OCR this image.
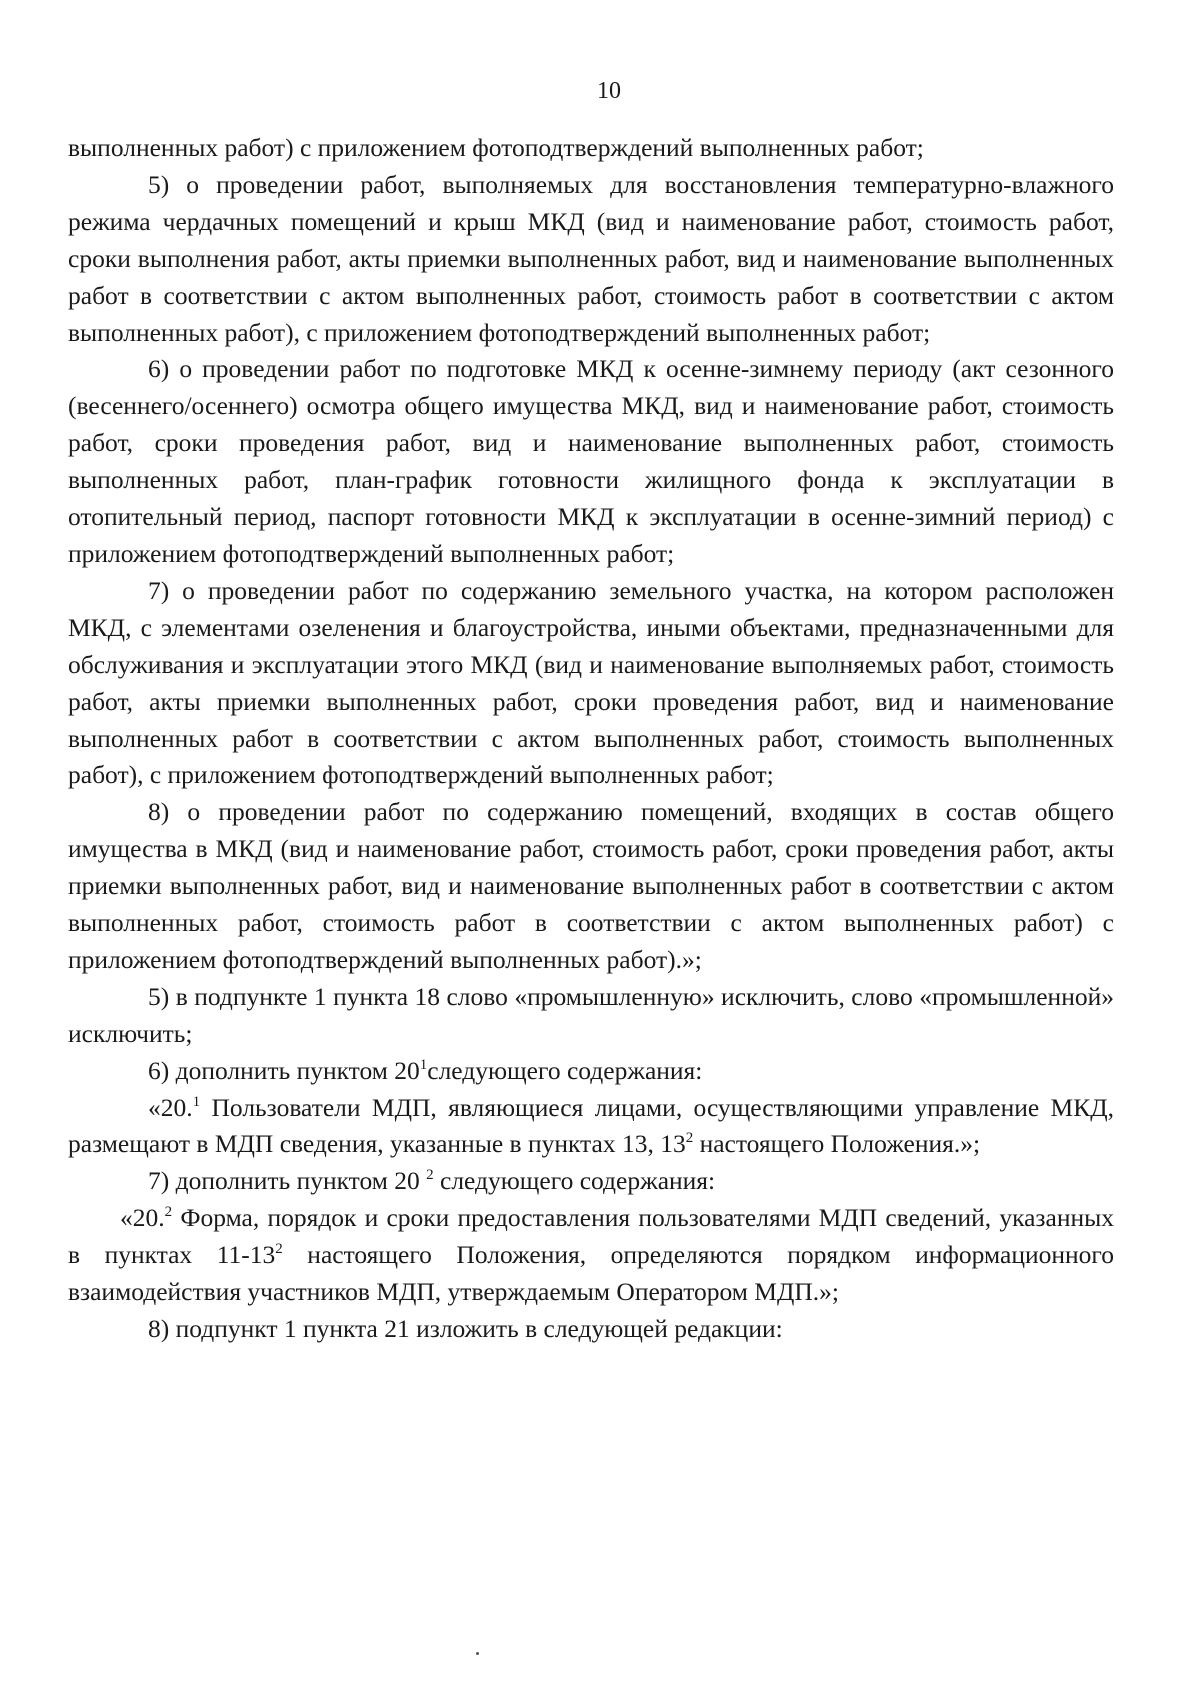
10

выполненных работ) с приложением фотоподтверждений выполненных работ;

5) о проведении работ, выполняемых для восстановления температурно-влажного режима чердачных помещений и крыш МКД (вид и наименование работ, стоимость работ, сроки выполнения работ, акты приемки выполненных работ, вид и наименование выполненных работ в соответствии с актом выполненных работ, стоимость работ в соответствии с актом выполненных работ), с приложением фотоподтверждений выполненных работ;

6) о проведении работ по подготовке МКД к осенне-зимнему периоду (акт сезонного (весеннего/осеннего) осмотра общего имущества МКД, вид и наименование работ, стоимость работ, сроки проведения работ, вид и наименование выполненных работ, стоимость выполненных работ, план-график готовности жилищного фонда к эксплуатации в отопительный период, паспорт готовности МКД к эксплуатации в осенне-зимний период) с приложением фотоподтверждений выполненных работ;

7) о проведении работ по содержанию земельного участка, на котором расположен МКД, с элементами озеленения и благоустройства, иными объектами, предназначенными для обслуживания и эксплуатации этого МКД (вид и наименование выполняемых работ, стоимость работ, акты приемки выполненных работ, сроки проведения работ, вид и наименование выполненных работ в соответствии с актом выполненных работ, стоимость выполненных работ), с приложением фотоподтверждений выполненных работ;

8) о проведении работ по содержанию помещений, входящих в состав общего имущества в МКД (вид и наименование работ, стоимость работ, сроки проведения работ, акты приемки выполненных работ, вид и наименование выполненных работ в соответствии с актом выполненных работ, стоимость работ в соответствии с актом выполненных работ) с приложением фотоподтверждений выполненных работ).»;

5) в подпункте 1 пункта 18 слово «промышленную» исключить, слово «промышленной» исключить;

6) дополнить пунктом $20^1следующего$ содержания:

«20.$^1$ Пользователи МДП, являющиеся лицами, осуществляющими управление МКД, размещают в МДП сведения, указанные в пунктах 13, $13^2$ настоящего Положения.»;

7) дополнить пунктом 20 $^2$ следующего содержания:

«20.$^2$ Форма, порядок и сроки предоставления пользователями МДП сведений, указанных в пунктах $11-13^2$ настоящего Положения, определяются порядком информационного взаимодействия участников МДП, утверждаемым Оператором МДП.»;

8) подпункт 1 пункта 21 изложить в следующей редакции:
